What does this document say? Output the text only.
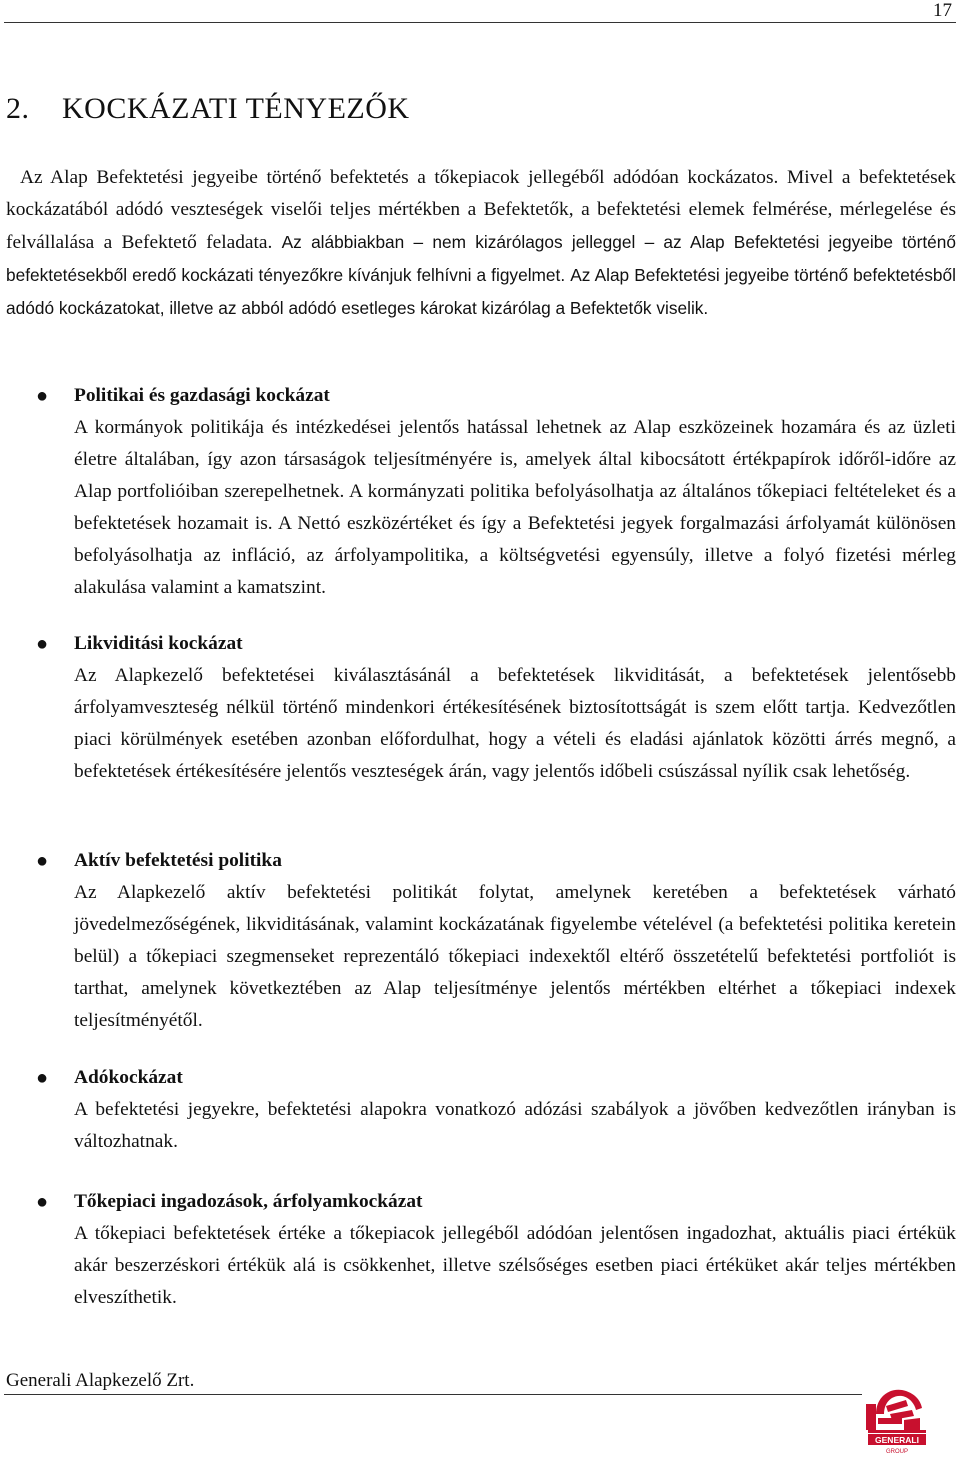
17
2. KOCKÁZATI TÉNYEZŐK

Az Alap Befektetési jegyeibe történő befektetés a tőkepiacok jellegéből adódóan kockázatos. Mivel a befektetések kockázatából adódó veszteségek viselői teljes mértékben a Befektetők, a befektetési elemek felmérése, mérlegelése és felvállalása a Befektető feladata. Az alábbiakban – nem kizárólagos jelleggel – az Alap Befektetési jegyeibe történő befektetésekből eredő kockázati tényezőkre kívánjuk felhívni a figyelmet. Az Alap Befektetési jegyeibe történő befektetésből adódó kockázatokat, illetve az abból adódó esetleges károkat kizárólag a Befektetők viselik.

● Politikai és gazdasági kockázat

A kormányok politikája és intézkedései jelentős hatással lehetnek az Alap eszközeinek hozamára és az üzleti életre általában, így azon társaságok teljesítményére is, amelyek által kibocsátott értékpapírok időről-időre az Alap portfolióiban szerepelhetnek. A kormányzati politika befolyásolhatja az általános tőkepiaci feltételeket és a befektetések hozamait is. A Nettó eszközértéket és így a Befektetési jegyek forgalmazási árfolyamát különösen befolyásolhatja az infláció, az árfolyampolitika, a költségvetési egyensúly, illetve a folyó fizetési mérleg alakulása valamint a kamatszint.

● Likviditási kockázat

Az Alapkezelő befektetései kiválasztásánál a befektetések likviditását, a befektetések jelentősebb árfolyamveszteség nélkül történő mindenkori értékesítésének biztosítottságát is szem előtt tartja. Kedvezőtlen piaci körülmények esetében azonban előfordulhat, hogy a vételi és eladási ajánlatok közötti árrés megnő, a befektetések értékesítésére jelentős veszteségek árán, vagy jelentős időbeli csúszással nyílik csak lehetőség.

● Aktív befektetési politika

Az Alapkezelő aktív befektetési politikát folytat, amelynek keretében a befektetések várható jövedelmezőségének, likviditásának, valamint kockázatának figyelembe vételével (a befektetési politika keretein belül) a tőkepiaci szegmenseket reprezentáló tőkepiaci indexektől eltérő összetételű befektetési portfoliót is tarthat, amelynek következtében az Alap teljesítménye jelentős mértékben eltérhet a tőkepiaci indexek teljesítményétől.

● Adókockázat

A befektetési jegyekre, befektetési alapokra vonatkozó adózási szabályok a jövőben kedvezőtlen irányban is változhatnak.

● Tőkepiaci ingadozások, árfolyamkockázat

A tőkepiaci befektetések értéke a tőkepiacok jellegéből adódóan jelentősen ingadozhat, aktuális piaci értékük akár beszerzéskori értékük alá is csökkenhet, illetve szélsőséges esetben piaci értéküket akár teljes mértékben elveszíthetik.

Generali Alapkezelő Zrt.
GENERALI
GROUP
